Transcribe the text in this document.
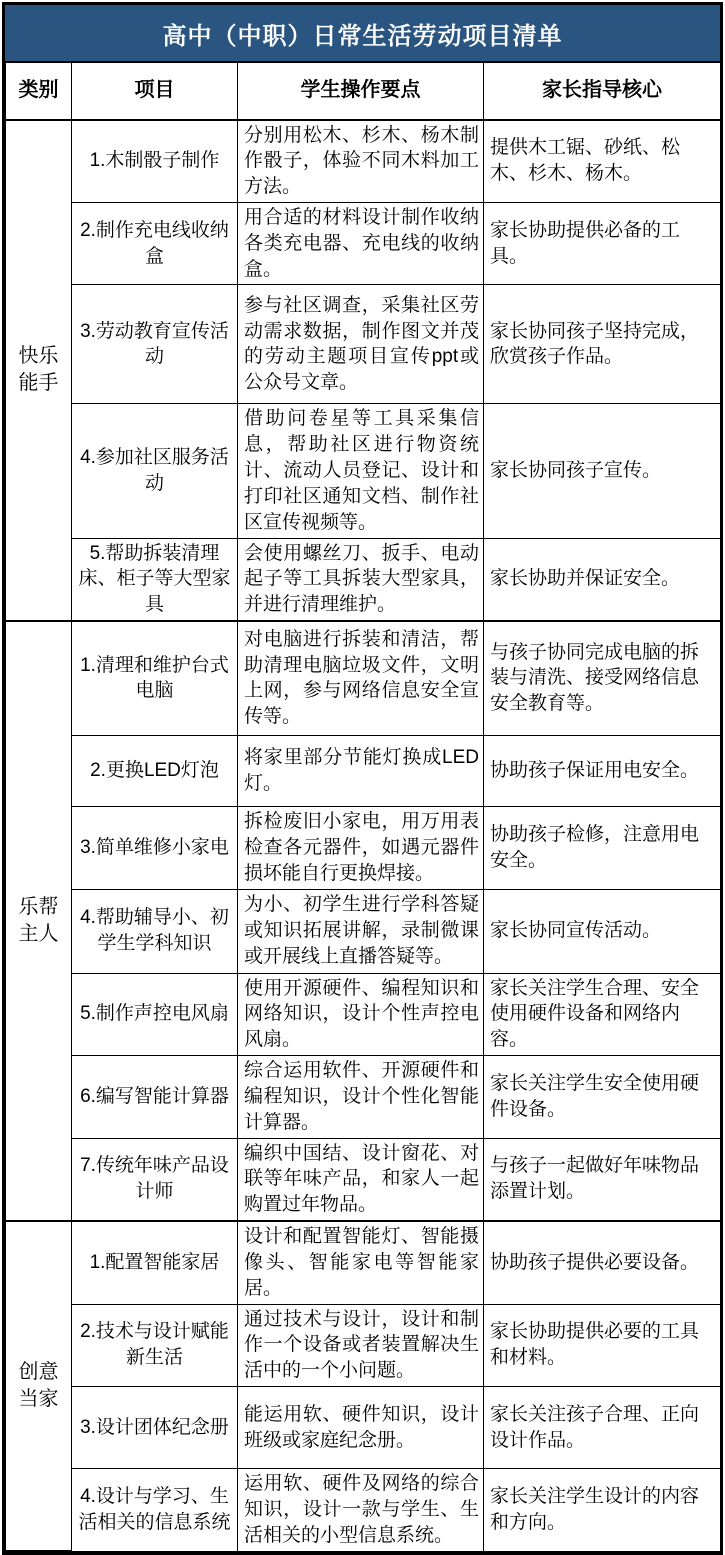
高中（中职）日常生活劳动项目清单
类别	项目	学生操作要点	家长指导核心
快乐能手	1.木制骰子制作	分别用松木、杉木、杨木制作骰子，体验不同木料加工方法。	提供木工锯、砂纸、松木、杉木、杨木。
	2.制作充电线收纳盒	用合适的材料设计制作收纳各类充电器、充电线的收纳盒。	家长协助提供必备的工具。
	3.劳动教育宣传活动	参与社区调查，采集社区劳动需求数据，制作图文并茂的劳动主题项目宣传ppt或公众号文章。	家长协同孩子坚持完成，欣赏孩子作品。
	4.参加社区服务活动	借助问卷星等工具采集信息，帮助社区进行物资统计、流动人员登记、设计和打印社区通知文档、制作社区宣传视频等。	家长协同孩子宣传。
	5.帮助拆装清理床、柜子等大型家具	会使用螺丝刀、扳手、电动起子等工具拆装大型家具，并进行清理维护。	家长协助并保证安全。
乐帮主人	1.清理和维护台式电脑	对电脑进行拆装和清洁，帮助清理电脑垃圾文件，文明上网，参与网络信息安全宣传等。	与孩子协同完成电脑的拆装与清洗、接受网络信息安全教育等。
	2.更换LED灯泡	将家里部分节能灯换成LED灯。	协助孩子保证用电安全。
	3.简单维修小家电	拆检废旧小家电，用万用表检查各元器件，如遇元器件损坏能自行更换焊接。	协助孩子检修，注意用电安全。
	4.帮助辅导小、初学生学科知识	为小、初学生进行学科答疑或知识拓展讲解，录制微课或开展线上直播答疑等。	家长协同宣传活动。
	5.制作声控电风扇	使用开源硬件、编程知识和网络知识，设计个性声控电风扇。	家长关注学生合理、安全使用硬件设备和网络内容。
	6.编写智能计算器	综合运用软件、开源硬件和编程知识，设计个性化智能计算器。	家长关注学生安全使用硬件设备。
	7.传统年味产品设计师	编织中国结、设计窗花、对联等年味产品，和家人一起购置过年物品。	与孩子一起做好年味物品添置计划。
创意当家	1.配置智能家居	设计和配置智能灯、智能摄像头、智能家电等智能家居。	协助孩子提供必要设备。
	2.技术与设计赋能新生活	通过技术与设计，设计和制作一个设备或者装置解决生活中的一个小问题。	家长协助提供必要的工具和材料。
	3.设计团体纪念册	能运用软、硬件知识，设计班级或家庭纪念册。	家长关注孩子合理、正向设计作品。
	4.设计与学习、生活相关的信息系统	运用软、硬件及网络的综合知识，设计一款与学生、生活相关的小型信息系统。	家长关注学生设计的内容和方向。
